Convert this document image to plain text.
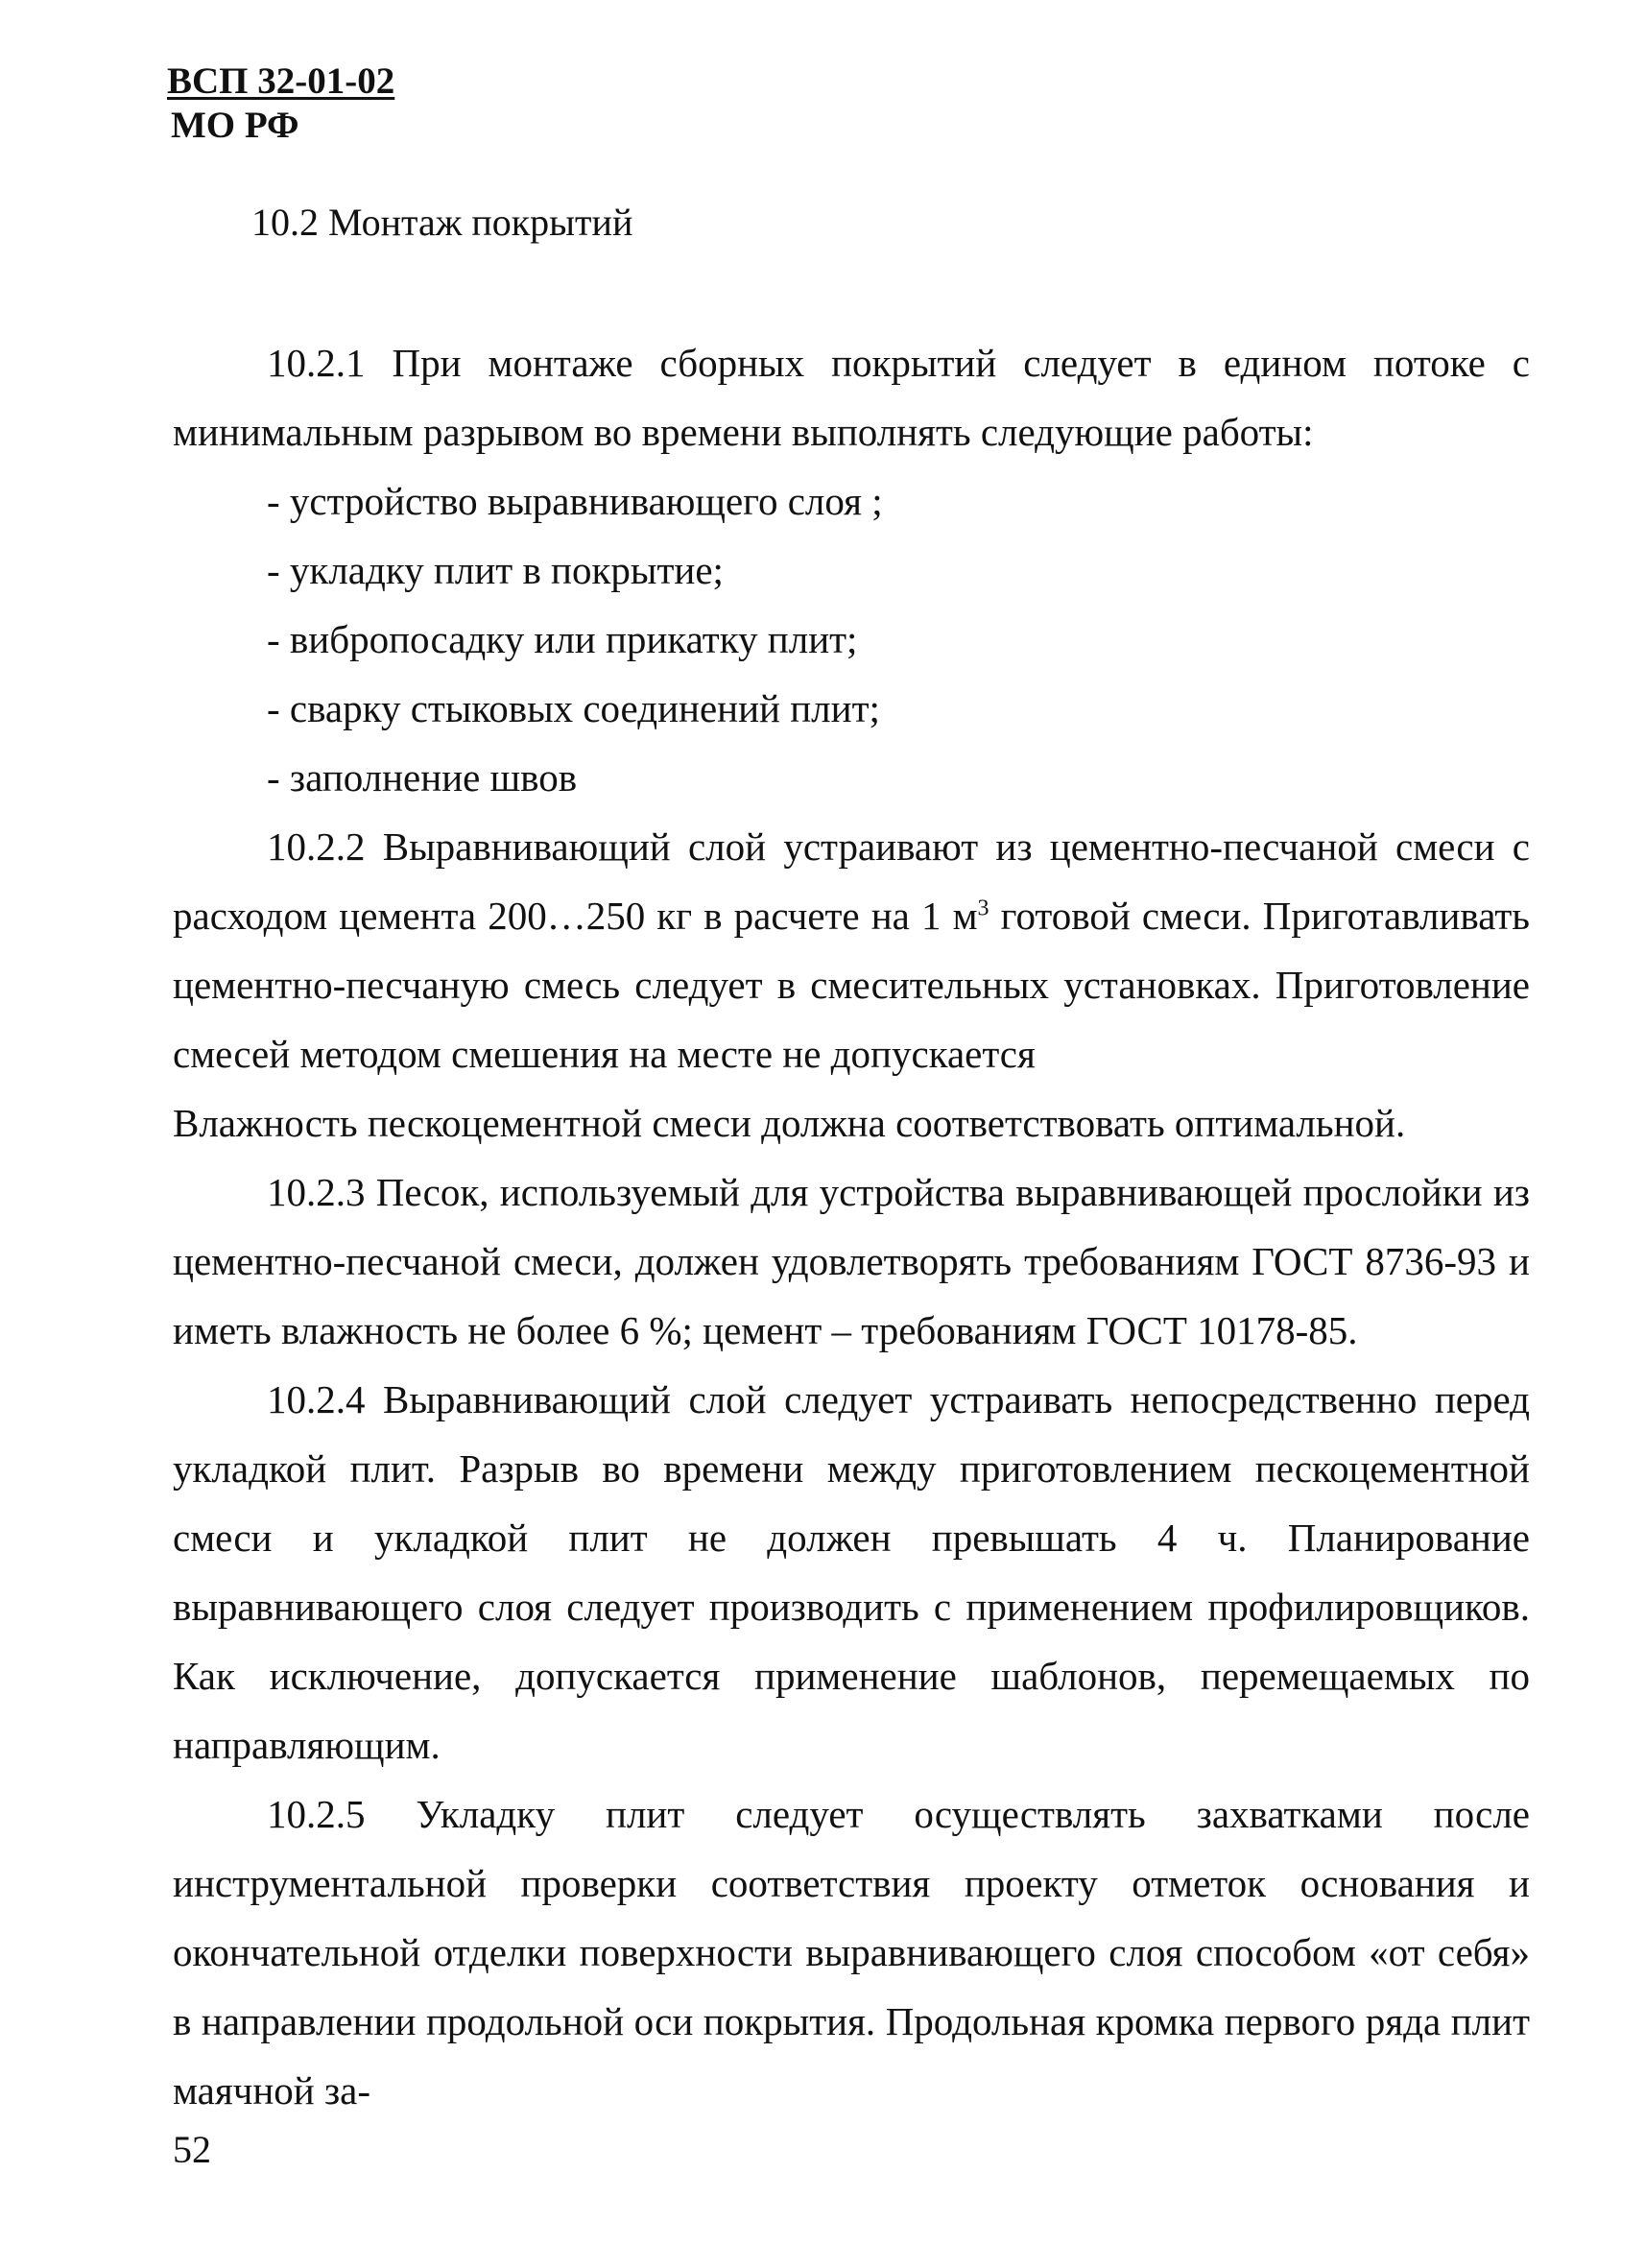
ВСП 32-01-02
МО РФ
10.2 Монтаж покрытий

10.2.1 При монтаже сборных покрытий следует в едином потоке с минимальным разрывом во времени выполнять следующие работы:

- устройство выравнивающего слоя ;

- укладку плит в покрытие;

- вибропосадку или прикатку плит;

- сварку стыковых соединений плит;

- заполнение швов

10.2.2 Выравнивающий слой устраивают из цементно-песчаной смеси с расходом цемента 200…250 кг в расчете на 1 $м^3$ готовой смеси. Приготавливать цементно-песчаную смесь следует в смесительных установках. Приготовление смесей методом смешения на месте не допускается

Влажность пескоцементной смеси должна соответствовать оптимальной.

10.2.3 Песок, используемый для устройства выравнивающей прослойки из цементно-песчаной смеси, должен удовлетворять требованиям ГОСТ 8736-93 и иметь влажность не более 6 %; цемент – требованиям ГОСТ 10178-85.

10.2.4 Выравнивающий слой следует устраивать непосредственно перед укладкой плит. Разрыв во времени между приготовлением пескоцементной смеси и укладкой плит не должен превышать 4 ч. Планирование выравнивающего слоя следует производить с применением профилировщиков. Как исключение, допускается применение шаблонов, перемещаемых по направляющим.

10.2.5 Укладку плит следует осуществлять захватками после инструментальной проверки соответствия проекту отметок основания и окончательной отделки поверхности выравнивающего слоя способом «от себя» в направлении продольной оси покрытия. Продольная кромка первого ряда плит маячной за-

52
